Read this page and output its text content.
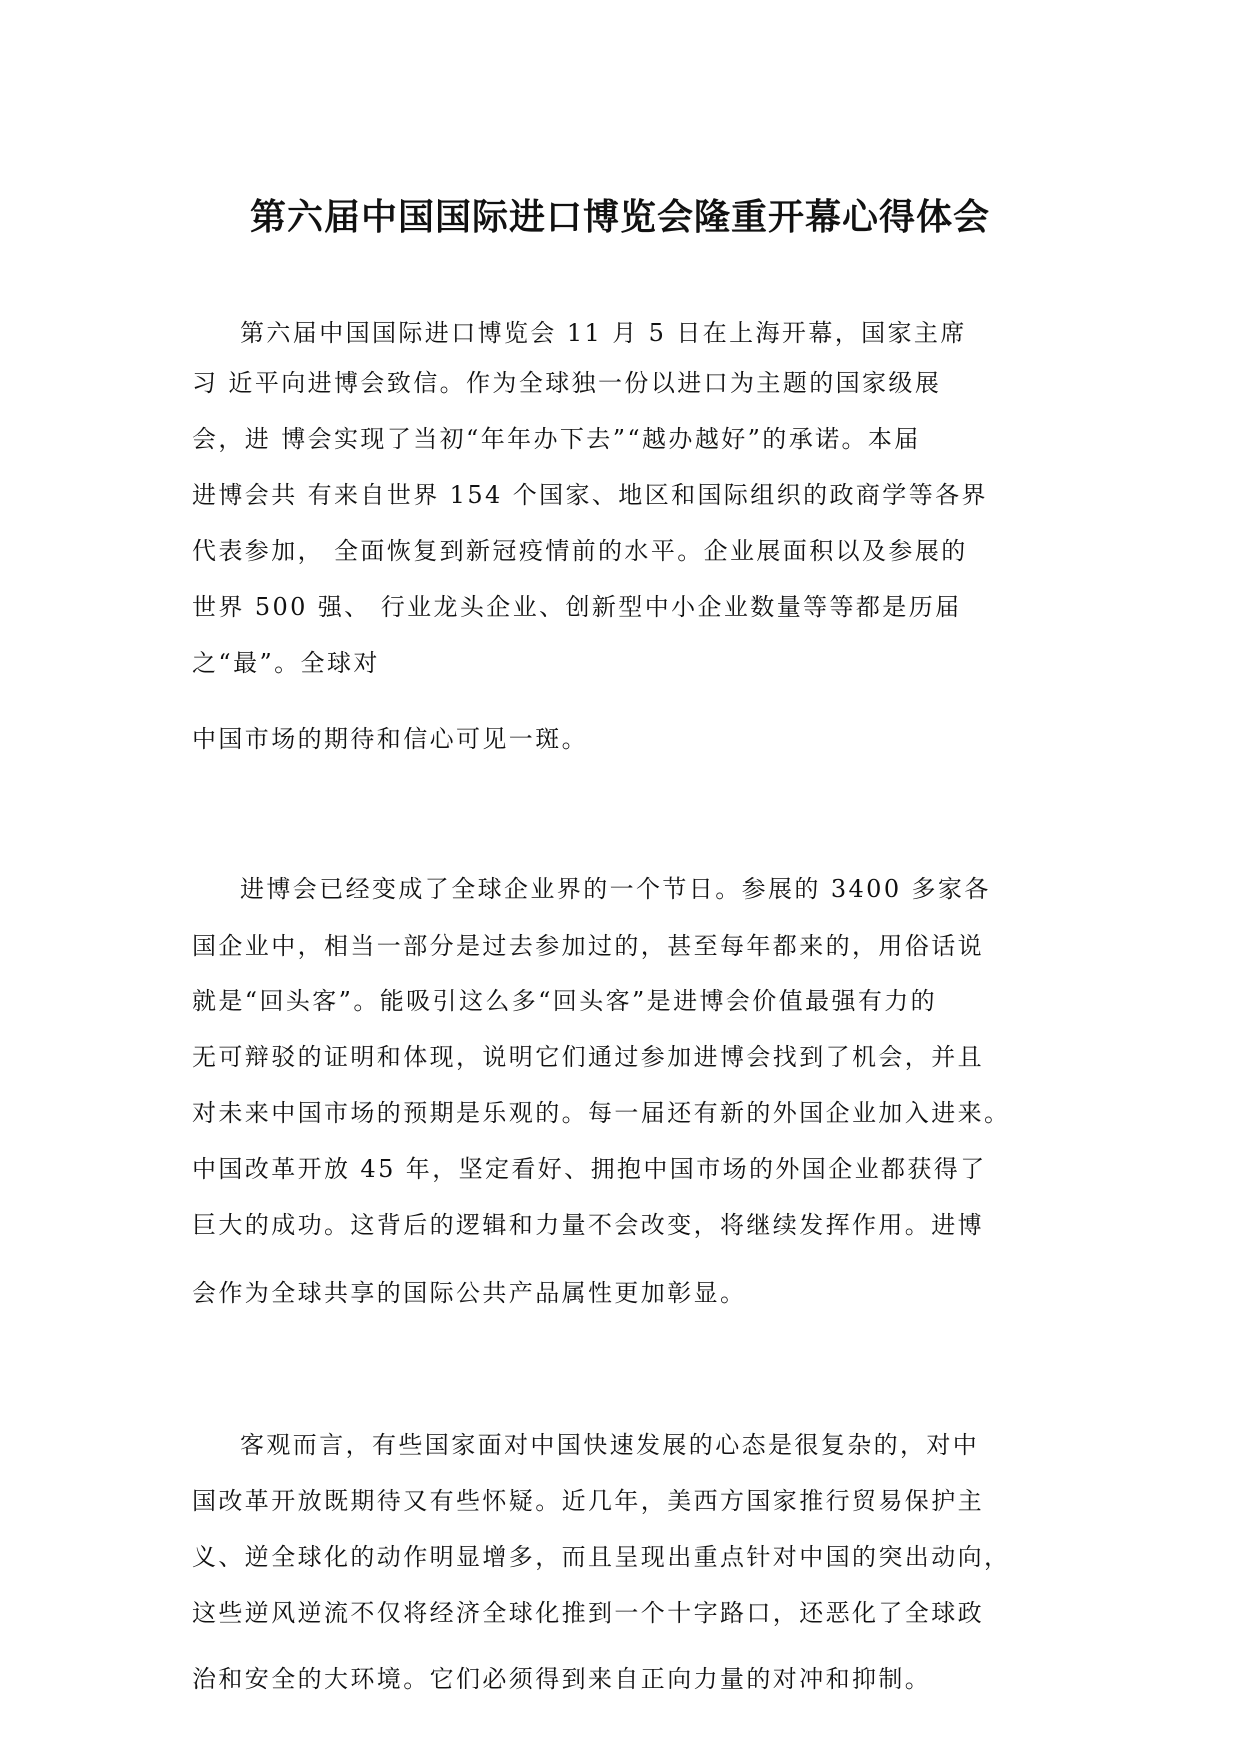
第六届中国国际进口博览会隆重开幕心得体会
第六届中国国际进口博览会 11 月 5 日在上海开幕，国家主席
习 近平向进博会致信。作为全球独一份以进口为主题的国家级展
会，进 博会实现了当初“年年办下去”“越办越好”的承诺。本届
进博会共 有来自世界 154 个国家、地区和国际组织的政商学等各界
代表参加， 全面恢复到新冠疫情前的水平。企业展面积以及参展的
世界 500 强、 行业龙头企业、创新型中小企业数量等等都是历届
之“最”。全球对
中国市场的期待和信心可见一斑。
进博会已经变成了全球企业界的一个节日。参展的 3400 多家各
国企业中，相当一部分是过去参加过的，甚至每年都来的，用俗话说
就是“回头客”。能吸引这么多“回头客”是进博会价值最强有力的
无可辩驳的证明和体现，说明它们通过参加进博会找到了机会，并且
对未来中国市场的预期是乐观的。每一届还有新的外国企业加入进来。
中国改革开放 45 年，坚定看好、拥抱中国市场的外国企业都获得了
巨大的成功。这背后的逻辑和力量不会改变，将继续发挥作用。进博
会作为全球共享的国际公共产品属性更加彰显。
客观而言，有些国家面对中国快速发展的心态是很复杂的，对中
国改革开放既期待又有些怀疑。近几年，美西方国家推行贸易保护主
义、逆全球化的动作明显增多，而且呈现出重点针对中国的突出动向，
这些逆风逆流不仅将经济全球化推到一个十字路口，还恶化了全球政
治和安全的大环境。它们必须得到来自正向力量的对冲和抑制。
